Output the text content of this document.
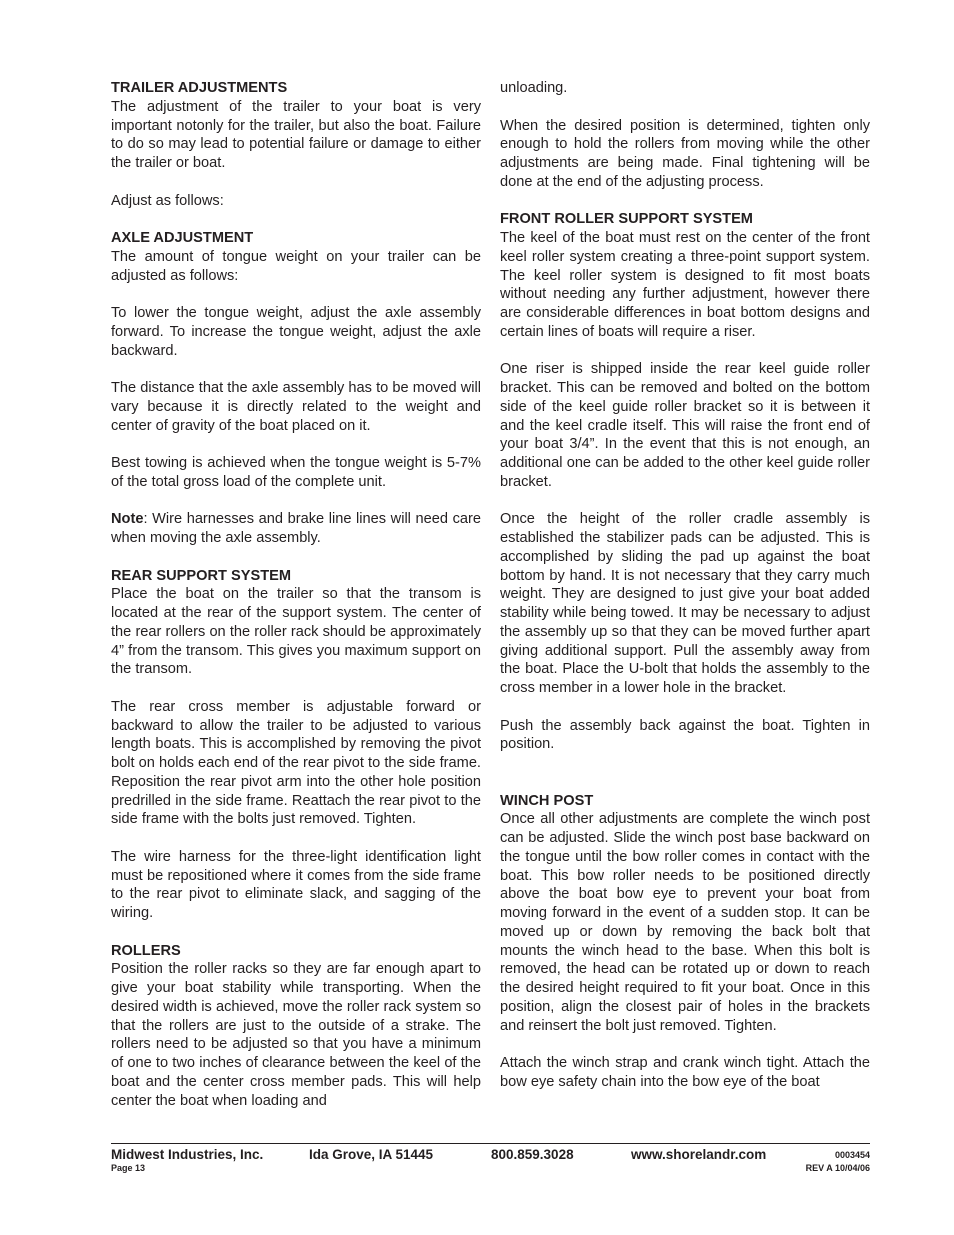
TRAILER ADJUSTMENTS

The adjustment of the trailer to your boat is very important notonly for the trailer, but also the boat. Failure to do so may lead to potential failure or damage to either the trailer or boat.

Adjust as follows:

AXLE ADJUSTMENT

The amount of tongue weight on your trailer can be adjusted as follows:

To lower the tongue weight, adjust the axle assembly forward. To increase the tongue weight, adjust the axle backward.

The distance that the axle assembly has to be moved will vary because it is directly related to the weight and center of gravity of the boat placed on it.

Best towing is achieved when the tongue weight is 5-7% of the total gross load of the complete unit.

Note: Wire harnesses and brake line lines will need care when moving the axle assembly.

REAR SUPPORT SYSTEM

Place the boat on the trailer so that the transom is located at the rear of the support system. The center of the rear rollers on the roller rack should be approximately 4” from the transom. This gives you maximum support on the transom.

The rear cross member is adjustable forward or backward to allow the trailer to be adjusted to various length boats. This is accomplished by removing the pivot bolt on holds each end of the rear pivot to the side frame. Reposition the rear pivot arm into the other hole position predrilled in the side frame. Reattach the rear pivot to the side frame with the bolts just removed. Tighten.

The wire harness for the three-light identification light must be repositioned where it comes from the side frame to the rear pivot to eliminate slack, and sagging of the wiring.

ROLLERS

Position the roller racks so they are far enough apart to give your boat stability while transporting. When the desired width is achieved, move the roller rack system so that the rollers are just to the outside of a strake. The rollers need to be adjusted so that you have a minimum of one to two inches of clearance between the keel of the boat and the center cross member pads. This will help center the boat when loading and

unloading.

When the desired position is determined, tighten only enough to hold the rollers from moving while the other adjustments are being made. Final tightening will be done at the end of the adjusting process.

FRONT ROLLER SUPPORT SYSTEM

The keel of the boat must rest on the center of the front keel roller system creating a three-point support system. The keel roller system is designed to fit most boats without needing any further adjustment, however there are considerable differences in boat bottom designs and certain lines of boats will require a riser.

One riser is shipped inside the rear keel guide roller bracket. This can be removed and bolted on the bottom side of the keel guide roller bracket so it is between it and the keel cradle itself. This will raise the front end of your boat 3/4”. In the event that this is not enough, an additional one can be added to the other keel guide roller bracket.

Once the height of the roller cradle assembly is established the stabilizer pads can be adjusted. This is accomplished by sliding the pad up against the boat bottom by hand. It is not necessary that they carry much weight. They are designed to just give your boat added stability while being towed. It may be necessary to adjust the assembly up so that they can be moved further apart giving additional support. Pull the assembly away from the boat. Place the U-bolt that holds the assembly to the cross member in a lower hole in the bracket.

Push the assembly back against the boat. Tighten in position.

WINCH POST

Once all other adjustments are complete the winch post can be adjusted. Slide the winch post base backward on the tongue until the bow roller comes in contact with the boat. This bow roller needs to be positioned directly above the boat bow eye to prevent your boat from moving forward in the event of a sudden stop. It can be moved up or down by removing the back bolt that mounts the winch head to the base. When this bolt is removed, the head can be rotated up or down to reach the desired height required to fit your boat. Once in this position, align the closest pair of holes in the brackets and reinsert the bolt just removed. Tighten.

Attach the winch strap and crank winch tight. Attach the bow eye safety chain into the bow eye of the boat

Midwest Industries, Inc.	Ida Grove, IA 51445	800.859.3028	www.shorelandr.com	0003454
Page 13	REV A 10/04/06
